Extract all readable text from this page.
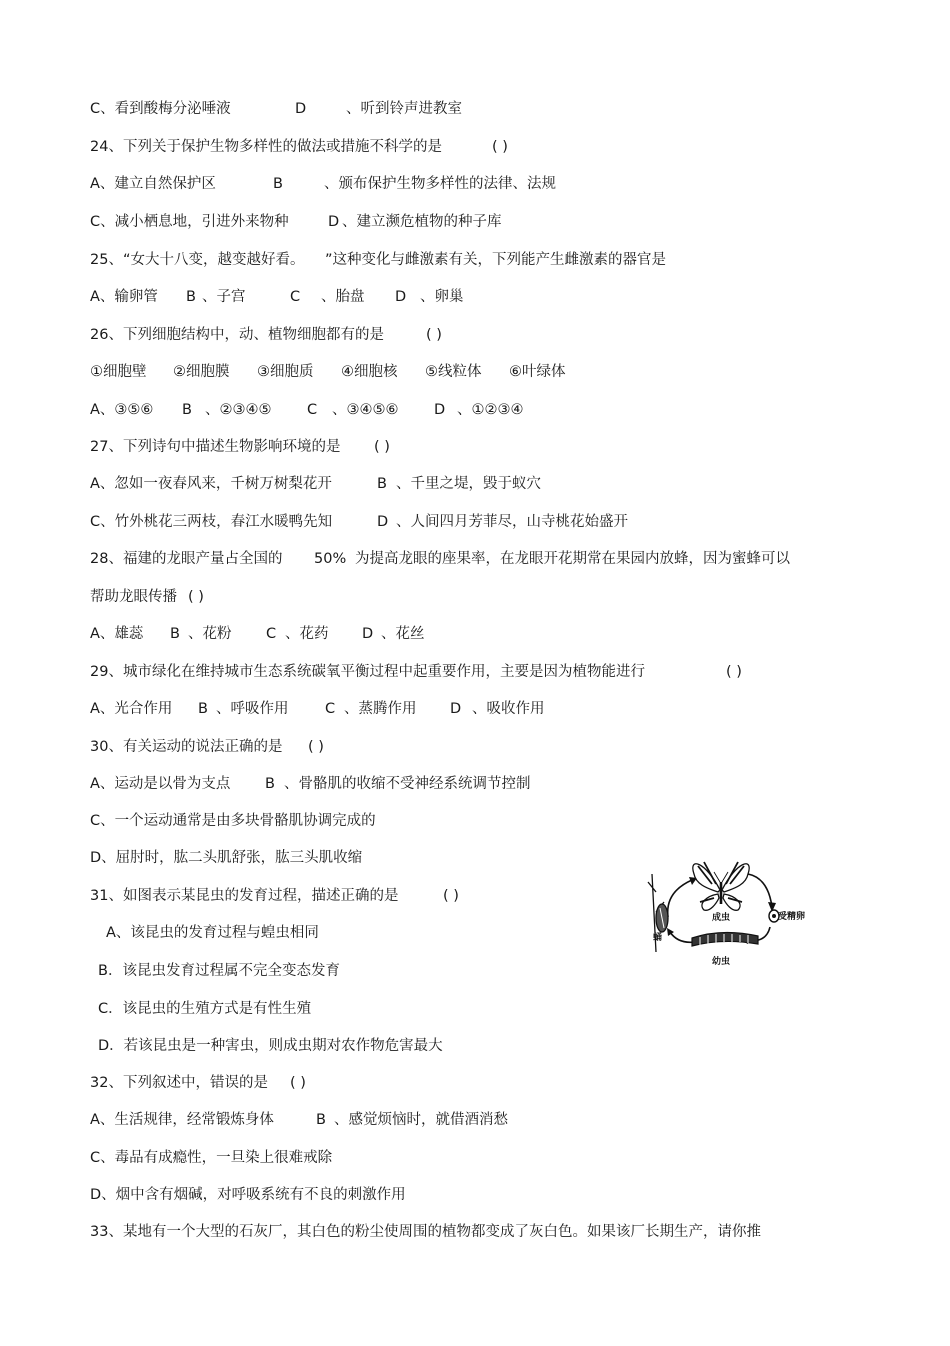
C、看到酸梅分泌唾液	D	、听到铃声进教室
24、下列关于保护生物多样性的做法或措施不科学的是	( )
A、建立自然保护区	B	、颁布保护生物多样性的法律、法规
C、减小栖息地，引进外来物种	D 、建立濒危植物的种子库
25、“女大十八变，越变越好看。 ”这种变化与雌激素有关，下列能产生雌激素的器官是
A、输卵管 B 、子宫	C 、胎盘 D 、卵巢
26、下列细胞结构中，动、植物细胞都有的是	( )
①细胞壁 ②细胞膜 ③细胞质 ④细胞核 ⑤线粒体 ⑥叶绿体
A、③⑤⑥ B 、②③④⑤ C 、③④⑤⑥ D 、①②③④
27、下列诗句中描述生物影响环境的是 ( )
A、忽如一夜春风来，千树万树梨花开	B 、千里之堤，毁于蚁穴
C、竹外桃花三两枝，春江水暖鸭先知	D 、人间四月芳菲尽，山寺桃花始盛开
28、福建的龙眼产量占全国的 50% 为提高龙眼的座果率，在龙眼开花期常在果园内放蜂，因为蜜蜂可以
帮助龙眼传播 ( )
A、雄蕊 B 、花粉 C 、花药 D 、花丝
29、城市绿化在维持城市生态系统碳氧平衡过程中起重要作用，主要是因为植物能进行	( )
A、光合作用 B 、呼吸作用	C 、蒸腾作用 D 、吸收作用
30、有关运动的说法正确的是 ( )
A、运动是以骨为支点 B 、骨骼肌的收缩不受神经系统调节控制
C、一个运动通常是由多块骨骼肌协调完成的
D、屈肘时，肱二头肌舒张，肱三头肌收缩
31、如图表示某昆虫的发育过程，描述正确的是	( )
A、该昆虫的发育过程与蝗虫相同
B．该昆虫发育过程属不完全变态发育
C．该昆虫的生殖方式是有性生殖
D．若该昆虫是一种害虫，则成虫期对农作物危害最大
32、下列叙述中，错误的是 ( )
A、生活规律，经常锻炼身体	B 、感觉烦恼时，就借酒消愁
C、毒品有成瘾性，一旦染上很难戒除
D、烟中含有烟碱，对呼吸系统有不良的刺激作用
33、某地有一个大型的石灰厂，其白色的粉尘使周围的植物都变成了灰白色。如果该厂长期生产，请你推
成虫	受精卵
幼虫
蛹
